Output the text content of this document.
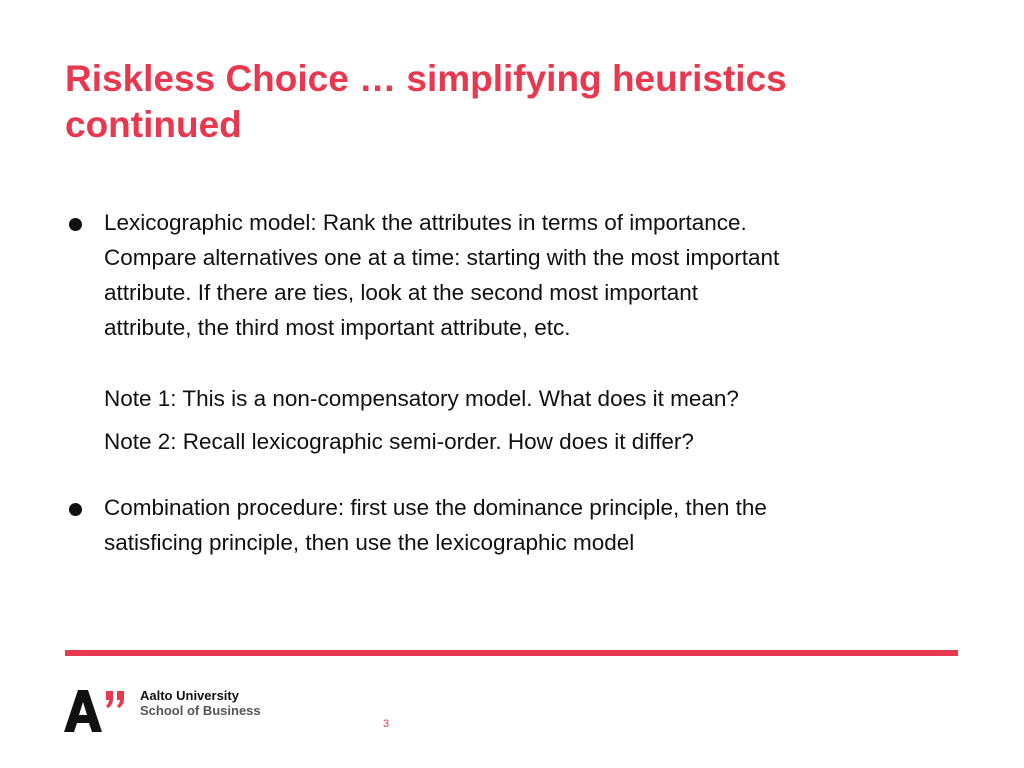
Riskless Choice … simplifying heuristics
continued
Lexicographic model: Rank the attributes in terms of importance.
Compare alternatives one at a time: starting with the most important
attribute. If there are ties, look at the second most important
attribute, the third most important attribute, etc.
Note 1: This is a non-compensatory model. What does it mean?
Note 2: Recall lexicographic semi-order. How does it differ?
Combination procedure: first use the dominance principle, then the
satisficing principle, then use the lexicographic model
Aalto University
School of Business
3
